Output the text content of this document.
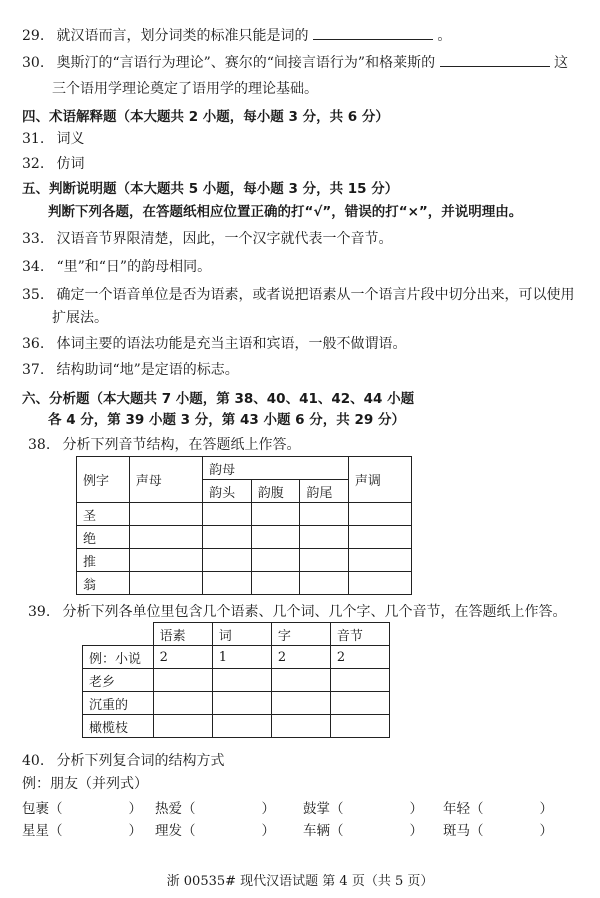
29. 就汉语而言，划分词类的标准只能是词的	。
30. 奥斯汀的“言语行为理论”、赛尔的“间接言语行为”和格莱斯的	这
三个语用学理论奠定了语用学的理论基础。
四、术语解释题（本大题共 2 小题，每小题 3 分，共 6 分）
31. 词义
32. 仿词
五、判断说明题（本大题共 5 小题，每小题 3 分，共 15 分）
判断下列各题，在答题纸相应位置正确的打“√”，错误的打“×”，并说明理由。
33. 汉语音节界限清楚，因此，一个汉字就代表一个音节。
34. “里”和“日”的韵母相同。
35. 确定一个语音单位是否为语素，或者说把语素从一个语言片段中切分出来，可以使用
扩展法。
36. 体词主要的语法功能是充当主语和宾语，一般不做谓语。
37. 结构助词“地”是定语的标志。
六、分析题（本大题共 7 小题，第 38、40、41、42、44 小题
各 4 分，第 39 小题 3 分，第 43 小题 6 分，共 29 分）
38. 分析下列音节结构，在答题纸上作答。
例字	声母	韵母			声调
		韵头	韵腹	韵尾	
圣					
绝					
推					
翁					
39. 分析下列各单位里包含几个语素、几个词、几个字、几个音节，在答题纸上作答。
	语素	词	字	音节
例：小说	2	1	2	2
老乡				
沉重的				
橄榄枝				
40. 分析下列复合词的结构方式
例：朋友（并列式）
包裹（	） 热爱（	） 鼓掌（	） 年轻（	）
星星（	） 理发（	） 车辆（	） 斑马（	）
浙 00535# 现代汉语试题 第 4 页（共 5 页）
